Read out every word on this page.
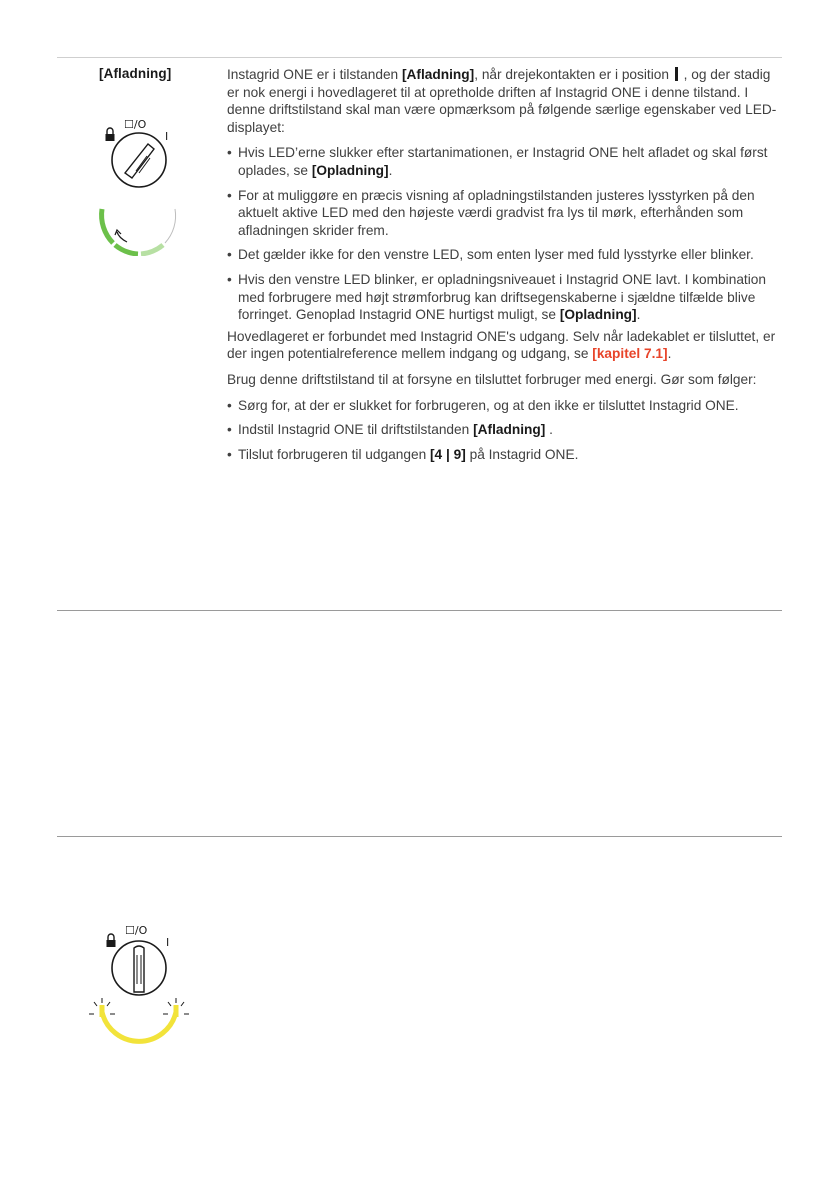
[Afladning]
☐/O
I

Instagrid ONE er i tilstanden [Afladning], når drejekontakten er i position  , og der stadig er nok energi i hovedlageret til at opretholde driften af Instagrid ONE i denne tilstand. I denne driftstilstand skal man være opmærksom på følgende særlige egenskaber ved LED-displayet:

• Hvis LED’erne slukker efter startanimationen, er Instagrid ONE helt afladet og skal først oplades, se [Opladning].
• For at muliggøre en præcis visning af opladningstilstanden justeres lysstyrken på den aktuelt aktive LED med den højeste værdi gradvist fra lys til mørk, efterhånden som afladningen skrider frem.
• Det gælder ikke for den venstre LED, som enten lyser med fuld lysstyrke eller blinker.
• Hvis den venstre LED blinker, er opladningsniveauet i Instagrid ONE lavt. I kombination med forbrugere med højt strømforbrug kan driftsegenskaberne i sjældne tilfælde blive forringet. Genoplad Instagrid ONE hurtigst muligt, se [Opladning].

Hovedlageret er forbundet med Instagrid ONE's udgang. Selv når ladekablet er tilsluttet, er der ingen potentialreference mellem indgang og udgang, se [kapitel 7.1].

Brug denne driftstilstand til at forsyne en tilsluttet forbruger med energi. Gør som følger:

• Sørg for, at der er slukket for forbrugeren, og at den ikke er tilsluttet Instagrid ONE.
• Indstil Instagrid ONE til driftstilstanden [Afladning] .
• Tilslut forbrugeren til udgangen [4 | 9] på Instagrid ONE.
☐/O
I
